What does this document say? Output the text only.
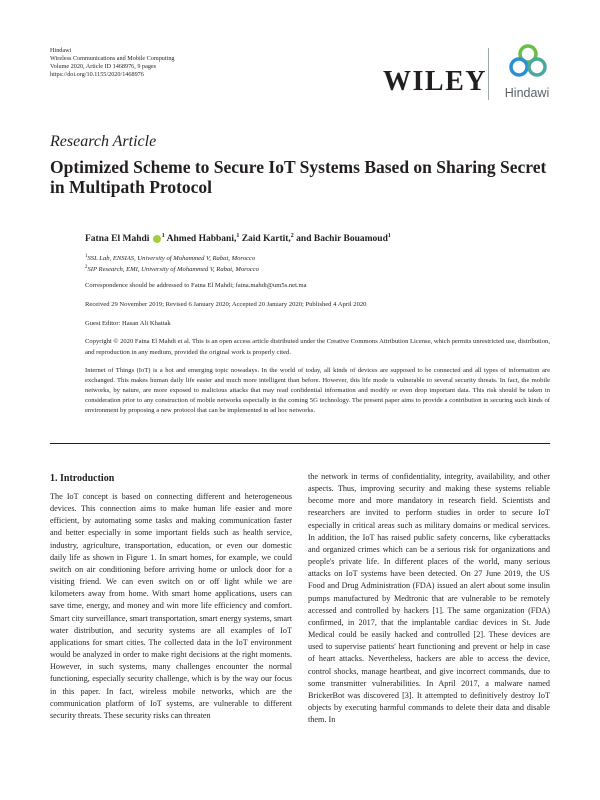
Hindawi
Wireless Communications and Mobile Computing
Volume 2020, Article ID 1468976, 9 pages
https://doi.org/10.1155/2020/1468976	WILEY	Hindawi
Research Article
Optimized Scheme to Secure IoT Systems Based on Sharing Secret in Multipath Protocol
Fatna El Mahdi $^1$ Ahmed Habbani,$^1$ Zaid Kartit,$^2$ and Bachir Bouamoud$^1$
$^1$SSL Lab, ENSIAS, University of Mohammed V, Rabat, Morocco
$^2$SIP Research, EMI, University of Mohammed V, Rabat, Morocco
Correspondence should be addressed to Fatna El Mahdi; fatna.mahdi@um5s.net.ma
Received 29 November 2019; Revised 6 January 2020; Accepted 20 January 2020; Published 4 April 2020
Guest Editor: Hasan Ali Khattak
Copyright © 2020 Fatna El Mahdi et al. This is an open access article distributed under the Creative Commons Attribution License, which permits unrestricted use, distribution, and reproduction in any medium, provided the original work is properly cited.
Internet of Things (IoT) is a hot and emerging topic nowadays. In the world of today, all kinds of devices are supposed to be connected and all types of information are exchanged. This makes human daily life easier and much more intelligent than before. However, this life mode is vulnerable to several security threats. In fact, the mobile networks, by nature, are more exposed to malicious attacks that may read confidential information and modify or even drop important data. This risk should be taken in consideration prior to any construction of mobile networks especially in the coming 5G technology. The present paper aims to provide a contribution in securing such kinds of environment by proposing a new protocol that can be implemented in ad hoc networks.
1. Introduction

The IoT concept is based on connecting different and heterogeneous devices. This connection aims to make human life easier and more efficient, by automating some tasks and making communication faster and better especially in some important fields such as health service, industry, agriculture, transportation, education, or even our domestic daily life as shown in Figure 1. In smart homes, for example, we could switch on air conditioning before arriving home or unlock door for a visiting friend. We can even switch on or off light while we are kilometers away from home. With smart home applications, users can save time, energy, and money and win more life efficiency and comfort. Smart city surveillance, smart transportation, smart energy systems, smart water distribution, and security systems are all examples of IoT applications for smart cities. The collected data in the IoT environment would be analyzed in order to make right decisions at the right moments. However, in such systems, many challenges encounter the normal functioning, especially security challenge, which is by the way our focus in this paper. In fact, wireless mobile networks, which are the communication platform of IoT systems, are vulnerable to different security threats. These security risks can threaten

the network in terms of confidentiality, integrity, availability, and other aspects. Thus, improving security and making these systems reliable become more and more mandatory in research field. Scientists and researchers are invited to perform studies in order to secure IoT especially in critical areas such as military domains or medical services. In addition, the IoT has raised public safety concerns, like cyberattacks and organized crimes which can be a serious risk for organizations and people's private life. In different places of the world, many serious attacks on IoT systems have been detected. On 27 June 2019, the US Food and Drug Administration (FDA) issued an alert about some insulin pumps manufactured by Medtronic that are vulnerable to be remotely accessed and controlled by hackers [1]. The same organization (FDA) confirmed, in 2017, that the implantable cardiac devices in St. Jude Medical could be easily hacked and controlled [2]. These devices are used to supervise patients' heart functioning and prevent or help in case of heart attacks. Nevertheless, hackers are able to access the device, control shocks, manage heartbeat, and give incorrect commands, due to some transmitter vulnerabilities. In April 2017, a malware named BrickerBot was discovered [3]. It attempted to definitively destroy IoT objects by executing harmful commands to delete their data and disable them. In
